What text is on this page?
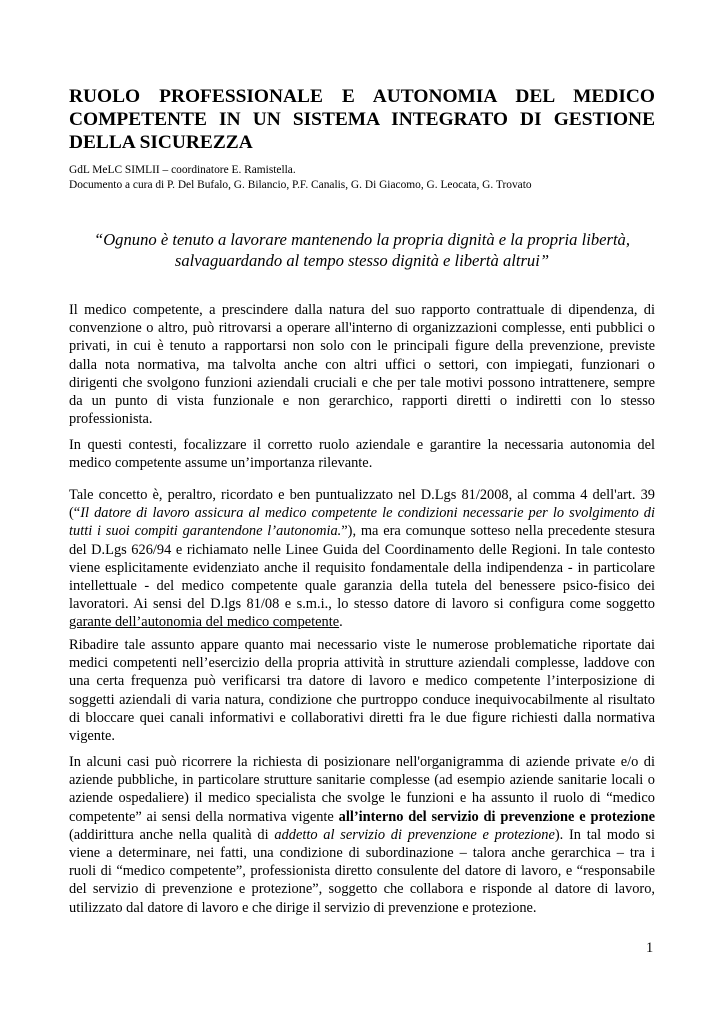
RUOLO PROFESSIONALE E AUTONOMIA DEL MEDICO
COMPETENTE IN UN SISTEMA INTEGRATO DI GESTIONE
DELLA SICUREZZA
GdL MeLC SIMLII – coordinatore E. Ramistella.
Documento a cura di P. Del Bufalo, G. Bilancio, P.F. Canalis, G. Di Giacomo, G. Leocata, G. Trovato
“Ognuno è tenuto a lavorare mantenendo la propria dignità e la propria libertà,
salvaguardando al tempo stesso dignità e libertà altrui”

Il medico competente, a prescindere dalla natura del suo rapporto contrattuale di dipendenza, di
convenzione o altro, può ritrovarsi a operare all'interno di organizzazioni complesse, enti pubblici o
privati, in cui è tenuto a rapportarsi non solo con le principali figure della prevenzione, previste
dalla nota normativa, ma talvolta anche con altri uffici o settori, con impiegati, funzionari o
dirigenti che svolgono funzioni aziendali cruciali e che per tale motivi possono intrattenere, sempre
da un punto di vista funzionale e non gerarchico, rapporti diretti o indiretti con lo stesso
professionista.

In questi contesti, focalizzare il corretto ruolo aziendale e garantire la necessaria autonomia del
medico competente assume un’importanza rilevante.

Tale concetto è, peraltro, ricordato e ben puntualizzato nel D.Lgs 81/2008, al comma 4 dell'art. 39
(“Il datore di lavoro assicura al medico competente le condizioni necessarie per lo svolgimento di
tutti i suoi compiti garantendone l’autonomia.”), ma era comunque sotteso nella precedente stesura
del D.Lgs 626/94 e richiamato nelle Linee Guida del Coordinamento delle Regioni. In tale contesto
viene esplicitamente evidenziato anche il requisito fondamentale della indipendenza - in particolare
intellettuale - del medico competente quale garanzia della tutela del benessere psico-fisico dei
lavoratori. Ai sensi del D.lgs 81/08 e s.m.i., lo stesso datore di lavoro si configura come soggetto
garante dell’autonomia del medico competente.

Ribadire tale assunto appare quanto mai necessario viste le numerose problematiche riportate dai
medici competenti nell’esercizio della propria attività in strutture aziendali complesse, laddove con
una certa frequenza può verificarsi tra datore di lavoro e medico competente l’interposizione di
soggetti aziendali di varia natura, condizione che purtroppo conduce inequivocabilmente al risultato
di bloccare quei canali informativi e collaborativi diretti fra le due figure richiesti dalla normativa
vigente.

In alcuni casi può ricorrere la richiesta di posizionare nell'organigramma di aziende private e/o di
aziende pubbliche, in particolare strutture sanitarie complesse (ad esempio aziende sanitarie locali o
aziende ospedaliere) il medico specialista che svolge le funzioni e ha assunto il ruolo di “medico
competente” ai sensi della normativa vigente all’interno del servizio di prevenzione e protezione
(addirittura anche nella qualità di addetto al servizio di prevenzione e protezione). In tal modo si
viene a determinare, nei fatti, una condizione di subordinazione – talora anche gerarchica – tra i
ruoli di “medico competente”, professionista diretto consulente del datore di lavoro, e “responsabile
del servizio di prevenzione e protezione”, soggetto che collabora e risponde al datore di lavoro,
utilizzato dal datore di lavoro e che dirige il servizio di prevenzione e protezione.

1
